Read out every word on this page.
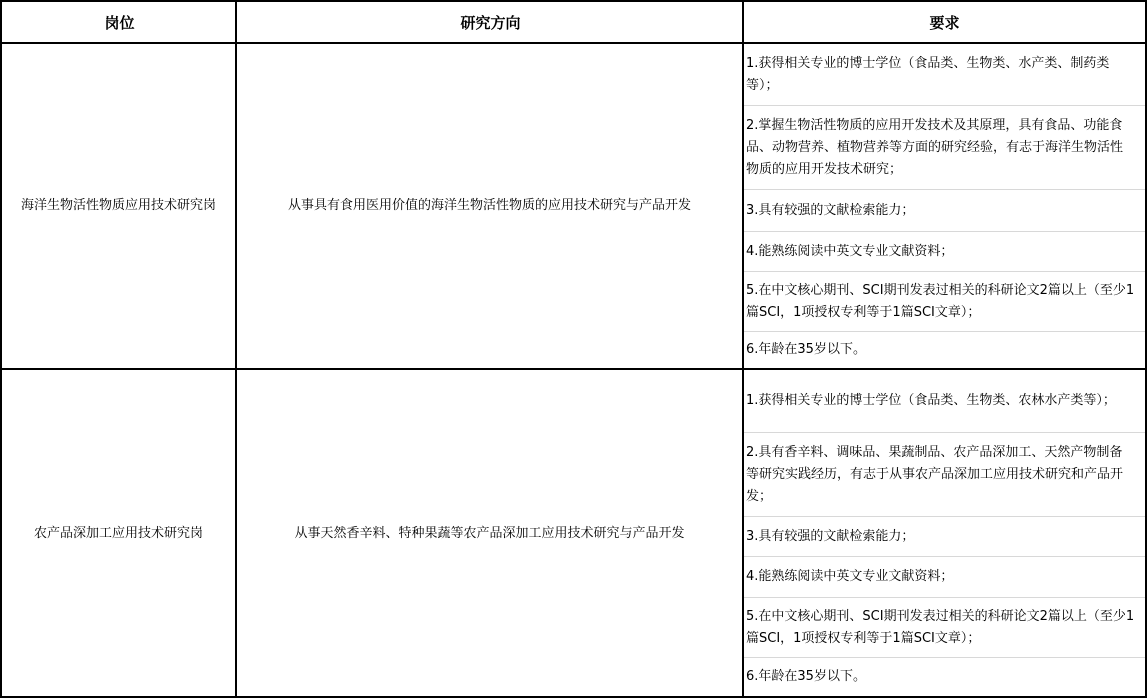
岗位	研究方向	要求
海洋生物活性物质应用技术研究岗	从事具有食用医用价值的海洋生物活性物质的应用技术研究与产品开发
1.获得相关专业的博士学位（食品类、生物类、水产类、制药类等）；
2.掌握生物活性物质的应用开发技术及其原理，具有食品、功能食品、动物营养、植物营养等方面的研究经验，有志于海洋生物活性物质的应用开发技术研究；
3.具有较强的文献检索能力；
4.能熟练阅读中英文专业文献资料；
5.在中文核心期刊、SCI期刊发表过相关的科研论文2篇以上（至少1篇SCI，1项授权专利等于1篇SCI文章）；
6.年龄在35岁以下。
农产品深加工应用技术研究岗	从事天然香辛料、特种果蔬等农产品深加工应用技术研究与产品开发
1.获得相关专业的博士学位（食品类、生物类、农林水产类等）；
2.具有香辛料、调味品、果蔬制品、农产品深加工、天然产物制备等研究实践经历，有志于从事农产品深加工应用技术研究和产品开发；
3.具有较强的文献检索能力；
4.能熟练阅读中英文专业文献资料；
5.在中文核心期刊、SCI期刊发表过相关的科研论文2篇以上（至少1篇SCI，1项授权专利等于1篇SCI文章）；
6.年龄在35岁以下。
